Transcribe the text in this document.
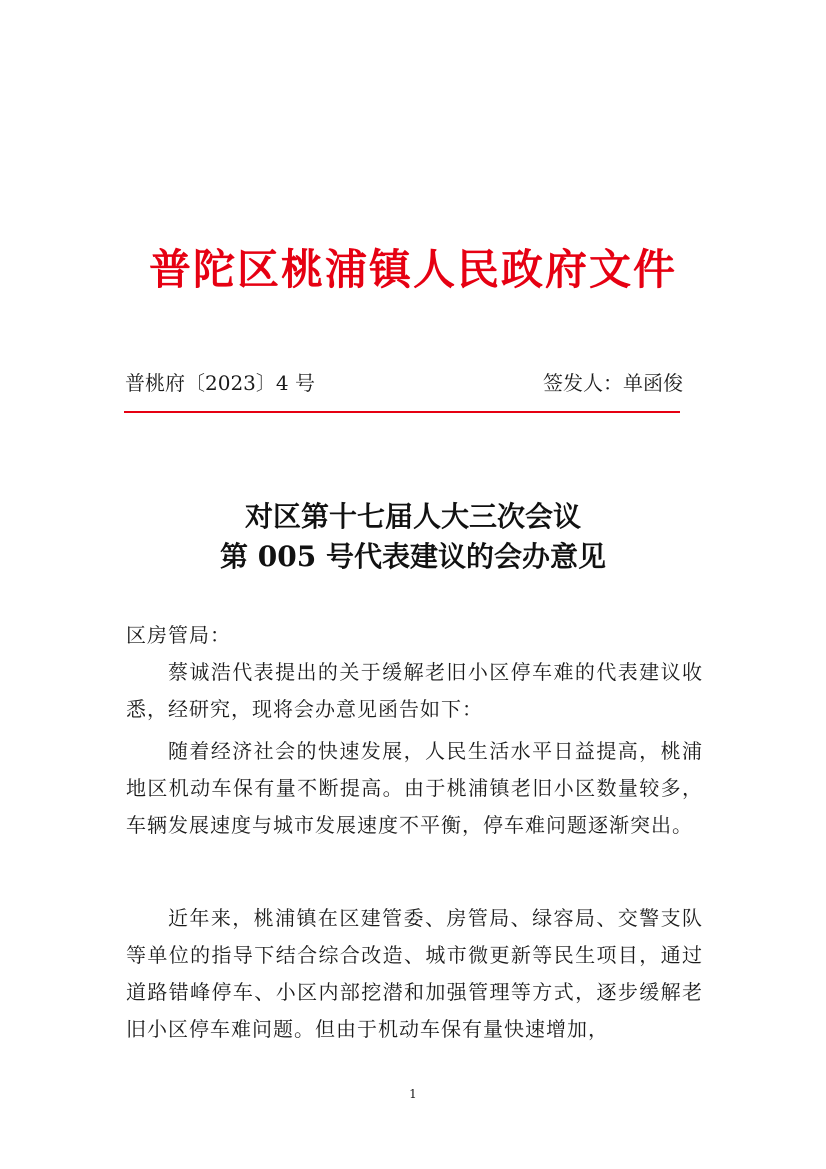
普陀区桃浦镇人民政府文件
普桃府〔2023〕4 号	签发人：单函俊
对区第十七届人大三次会议
第 005 号代表建议的会办意见
区房管局：
蔡诚浩代表提出的关于缓解老旧小区停车难的代表建议收悉，经研究，现将会办意见函告如下：
随着经济社会的快速发展，人民生活水平日益提高，桃浦地区机动车保有量不断提高。由于桃浦镇老旧小区数量较多，车辆发展速度与城市发展速度不平衡，停车难问题逐渐突出。
近年来，桃浦镇在区建管委、房管局、绿容局、交警支队等单位的指导下结合综合改造、城市微更新等民生项目，通过道路错峰停车、小区内部挖潜和加强管理等方式，逐步缓解老旧小区停车难问题。但由于机动车保有量快速增加，
1
